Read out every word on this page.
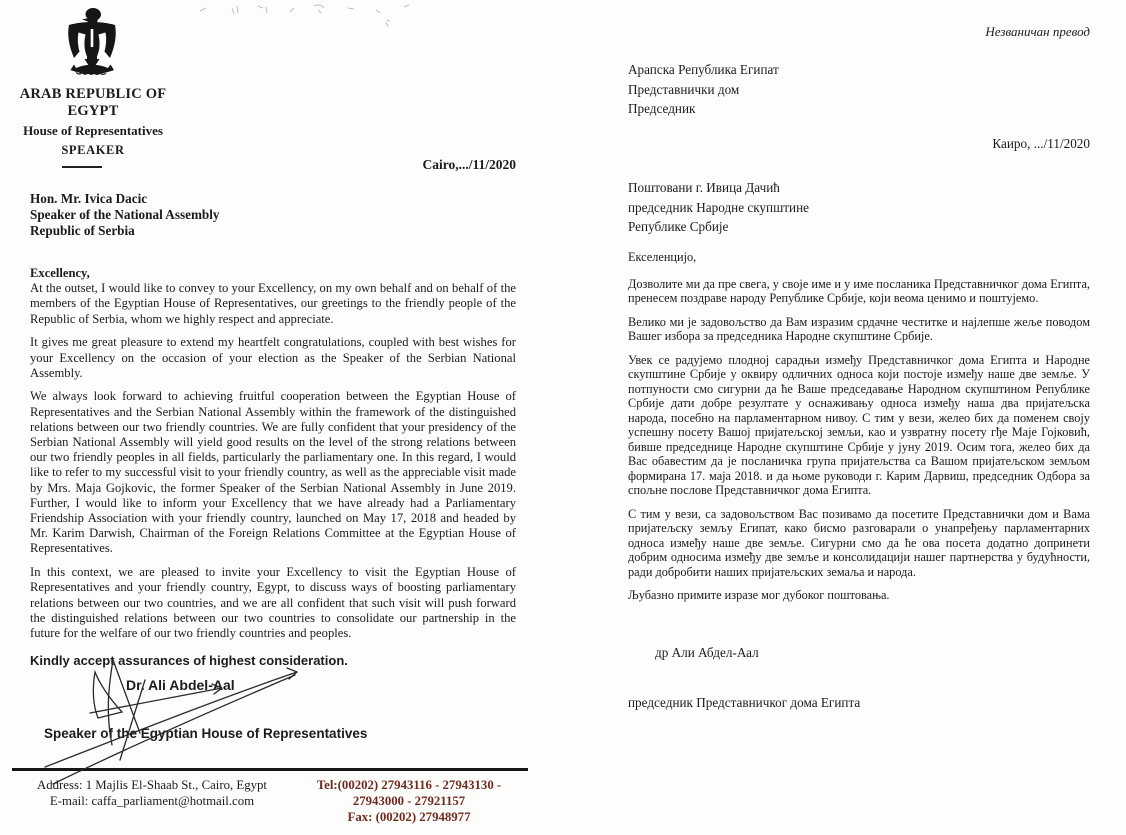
ARAB REPUBLIC OF EGYPT
House of Representatives
SPEAKER
Cairo,.../11/2020
Hon. Mr. Ivica Dacic
Speaker of the National Assembly
Republic of Serbia
Excellency,

At the outset, I would like to convey to your Excellency, on my own behalf and on behalf of the members of the Egyptian House of Representatives, our greetings to the friendly people of the Republic of Serbia, whom we highly respect and appreciate.

It gives me great pleasure to extend my heartfelt congratulations, coupled with best wishes for your Excellency on the occasion of your election as the Speaker of the Serbian National Assembly.

We always look forward to achieving fruitful cooperation between the Egyptian House of Representatives and the Serbian National Assembly within the framework of the distinguished relations between our two friendly countries. We are fully confident that your presidency of the Serbian National Assembly will yield good results on the level of the strong relations between our two friendly peoples in all fields, particularly the parliamentary one. In this regard, I would like to refer to my successful visit to your friendly country, as well as the appreciable visit made by Mrs. Maja Gojkovic, the former Speaker of the Serbian National Assembly in June 2019. Further, I would like to inform your Excellency that we have already had a Parliamentary Friendship Association with your friendly country, launched on May 17, 2018 and headed by Mr. Karim Darwish, Chairman of the Foreign Relations Committee at the Egyptian House of Representatives.

In this context, we are pleased to invite your Excellency to visit the Egyptian House of Representatives and your friendly country, Egypt, to discuss ways of boosting parliamentary relations between our two countries, and we are all confident that such visit will push forward the distinguished relations between our two countries to consolidate our partnership in the future for the welfare of our two friendly countries and peoples.

Kindly accept assurances of highest consideration.
Dr. Ali Abdel-Aal
Speaker of the Egyptian House of Representatives
Address: 1 Majlis El-Shaab St., Cairo, Egypt
E-mail: caffa_parliament@hotmail.com
Tel:(00202) 27943116 - 27943130 - 27943000 - 27921157
Fax: (00202) 27948977
Незваничан превод
Арапска Република Египат
Представнички дом
Председник
Каиро, .../11/2020
Поштовани г. Ивица Дачић
председник Народне скупштине
Републике Србије
Екселенцијо,

Дозволите ми да пре свега, у своје име и у име посланика Представничког дома Египта, пренесем поздраве народу Републике Србије, који веома ценимо и поштујемо.

Велико ми је задовољство да Вам изразим срдачне честитке и најлепше жеље поводом Вашег избора за председника Народне скупштине Србије.

Увек се радујемо плодној сарадњи између Представничког дома Египта и Народне скупштине Србије у оквиру одличних односа који постоје између наше две земље. У потпуности смо сигурни да ће Ваше председавање Народном скупштином Републике Србије дати добре резултате у оснаживању односа између наша два пријатељска народа, посебно на парламентарном нивоу. С тим у вези, желео бих да поменем своју успешну посету Вашој пријатељској земљи, као и узвратну посету гђе Маје Гојковић, бивше председнице Народне скупштине Србије у јуну 2019. Осим тога, желео бих да Вас обавестим да је посланичка група пријатељства са Вашом пријатељском земљом формирана 17. маја 2018. и да њоме руководи г. Карим Дарвиш, председник Одбора за спољне послове Представничког дома Египта.

С тим у вези, са задовољством Вас позивамо да посетите Представнички дом и Вама пријатељску земљу Египат, како бисмо разговарали о унапређењу парламентарних односа између наше две земље. Сигурни смо да ће ова посета додатно допринети добрим односима између две земље и консолидацији нашег партнерства у будућности, ради добробити наших пријатељских земаља и народа.

Љубазно примите изразе мог дубоког поштовања.
др Али Абдел-Аал
председник Представничког дома Египта
